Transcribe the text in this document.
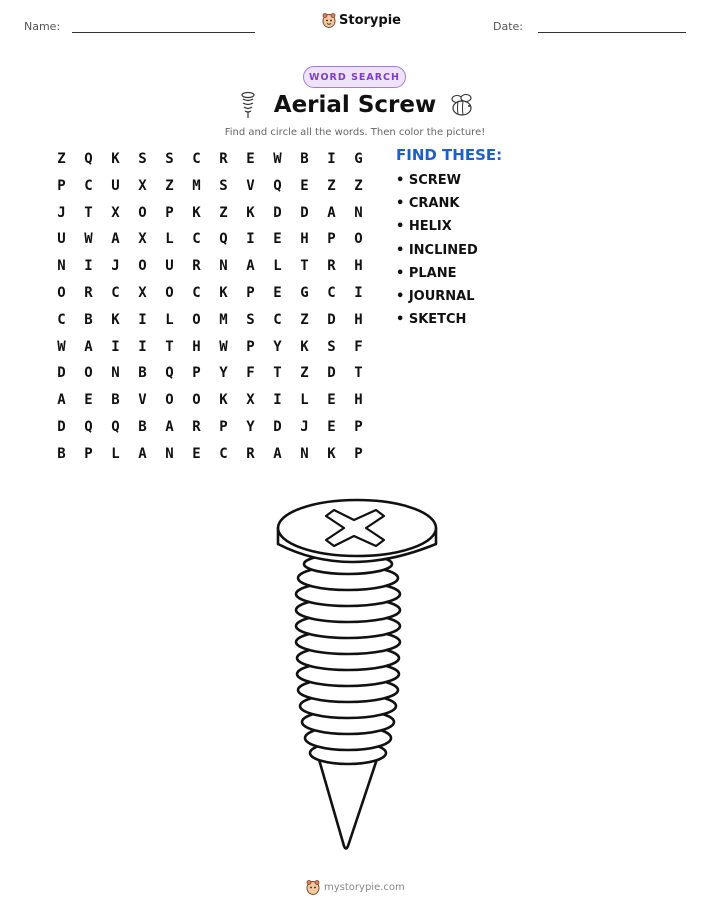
Name:	Storypie	Date:
WORD SEARCH
Aerial Screw
Find and circle all the words. Then color the picture!
Z	Q	K	S	S	C	R	E	W	B	I	G
P	C	U	X	Z	M	S	V	Q	E	Z	Z
J	T	X	O	P	K	Z	K	D	D	A	N
U	W	A	X	L	C	Q	I	E	H	P	O
N	I	J	O	U	R	N	A	L	T	R	H
O	R	C	X	O	C	K	P	E	G	C	I
C	B	K	I	L	O	M	S	C	Z	D	H
W	A	I	I	T	H	W	P	Y	K	S	F
D	O	N	B	Q	P	Y	F	T	Z	D	T
A	E	B	V	O	O	K	X	I	L	E	H
D	Q	Q	B	A	R	P	Y	D	J	E	P
B	P	L	A	N	E	C	R	A	N	K	P
FIND THESE:
• SCREW
• CRANK
• HELIX
• INCLINED
• PLANE
• JOURNAL
• SKETCH
mystorypie.com
